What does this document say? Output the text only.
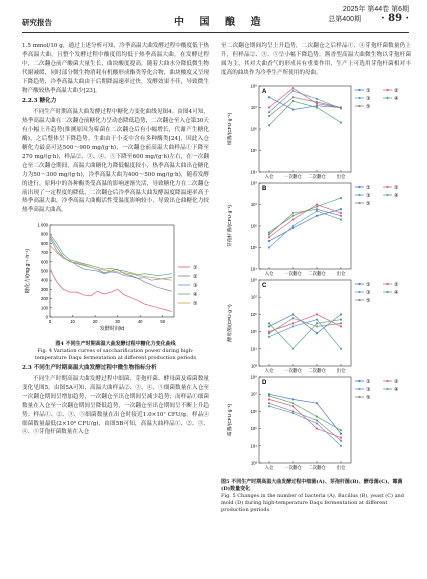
2025年 第44卷 第6期
总第400期
研究报告	中 国 酿 造	· 89 ·

1.5 mmol/10 g，通过上述分析可知，冷季高温大曲发酵过程中酸度低于热季高温大曲，且整个发酵过程中酸度值均低于热季高温大曲。在发酵过程中，二次翻仓前产酸菌大量生长，曲块酸度提高，随着大曲水分降低微生物代谢减缓，同时部分微生物消耗有机酸形成酯类等化合物，曲块酸度又呈现下降趋势，冷季高温大曲由于后期降温速率过快，发酵效果不佳，导致微生物产酸较热季高温大曲少[23]。

2.2.3 糖化力

不同生产时期高温大曲发酵过程中糖化力变化曲线见图4。由图4可知，热季高温大曲在二次翻仓前糖化力呈动态降低趋势，二次翻仓至入仓第30天有小幅上升趋势(推测原因为霉菌在二次翻仓后有小幅增长，代谢产生糖化酶)，之后整体呈下降趋势。生曲由于小麦中含有多种酶类[24]，因此入仓糖化力最高可达500～900 mg/(g·h)，一次翻仓前高温大曲样品①下降至270 mg/(g·h)，样品②、③、④、⑤下降至600 mg/(g·h)左右，在一次翻仓至二次翻仓期间，高温大曲糖化力降低幅度较小，热季高温大曲出仓糖化力为50～300 mg/(g·h)，冷季高温大曲为400～500 mg/(g·h)，随着发酵的进行，原料中的各种酶类受高温的影响逐渐失活，导致糖化力在二次翻仓前出现了一定程度的降低，二次翻仓后冷季高温大曲发酵温度降温速率高于热季高温大曲，冷季高温大曲酶活性受温度影响较小，导致出仓曲糖化力较热季高温大曲高。

0
100
200
300
400
500
600
700
800
900
1 000
0	10	20	30	40	50
发酵时间/d
糖化力/(mg·g⁻¹·h⁻¹)	①
②
③
④
⑤
图4 不同生产时期高温大曲发酵过程中糖化力变化曲线
Fig. 4 Variation curves of saccharification power during high-temperature Daqu fermentation at different production periods

2.3 不同生产时期高温大曲发酵过程中微生物指标分析

不同生产时期高温大曲发酵过程中细菌、芽孢杆菌、酵母菌及霉菌数量变化见图5。由图5A可知，高温大曲样品②、③、④、⑤细菌数量在入仓至一次翻仓期间呈增加趋势，一次翻仓至出仓期间呈减少趋势；而样品①细菌数量在入仓至一次翻仓期间呈降低趋势，一次翻仓至出仓期间呈不断上升趋势；样品①、②、③、⑤细菌数量在出仓时接近1.0×10⁷ CFU/g，样品④细菌数量最低(2×10⁶ CFU/g)，由图5B可知，高温大曲样品①、②、③、④、⑤芽孢杆菌数量在入仓

至二次翻仓期间均呈上升趋势，二次翻仓之后样品①、④芽孢杆菌数量仍上升，但样品②、③、⑤呈小幅下降趋势。酱香型高温大曲微生物以芽孢杆菌属为主，其对大曲香气的形成具有重要作用，生产上可选用芽孢杆菌相对丰度高的曲块作为冷季生产所使用的母曲。

A
10⁸
10⁷
10⁶
10⁵
10⁴
细菌/(CFU·g⁻¹)
入仓 一次翻仓 二次翻仓 出仓
①	②
③	④
⑤
B
10⁸
10⁷
10⁶
10⁵
10⁴
芽孢杆菌/(CFU·g⁻¹)
入仓 一次翻仓 二次翻仓 出仓
①	②
③	④
⑤
C
10⁸
10⁷
10⁶
10⁵
10⁴
10³
酵母菌/(CFU·g⁻¹)
入仓 一次翻仓 二次翻仓 出仓
①	②
③	④
⑤
D
10⁸
10⁷
10⁶
10⁵
10⁴
10³
霉菌/(CFU·g⁻¹)
入仓 一次翻仓 二次翻仓 出仓
①	②
③	④
⑤
图5 不同生产时期高温大曲发酵过程中细菌(A)、芽孢杆菌(B)、酵母菌(C)、霉菌(D)数量变化
Fig. 5 Changes in the number of bacteria (A), Bacillus (B), yeast (C) and mold (D) during high-temperature Daqu fermentation at different production periods
